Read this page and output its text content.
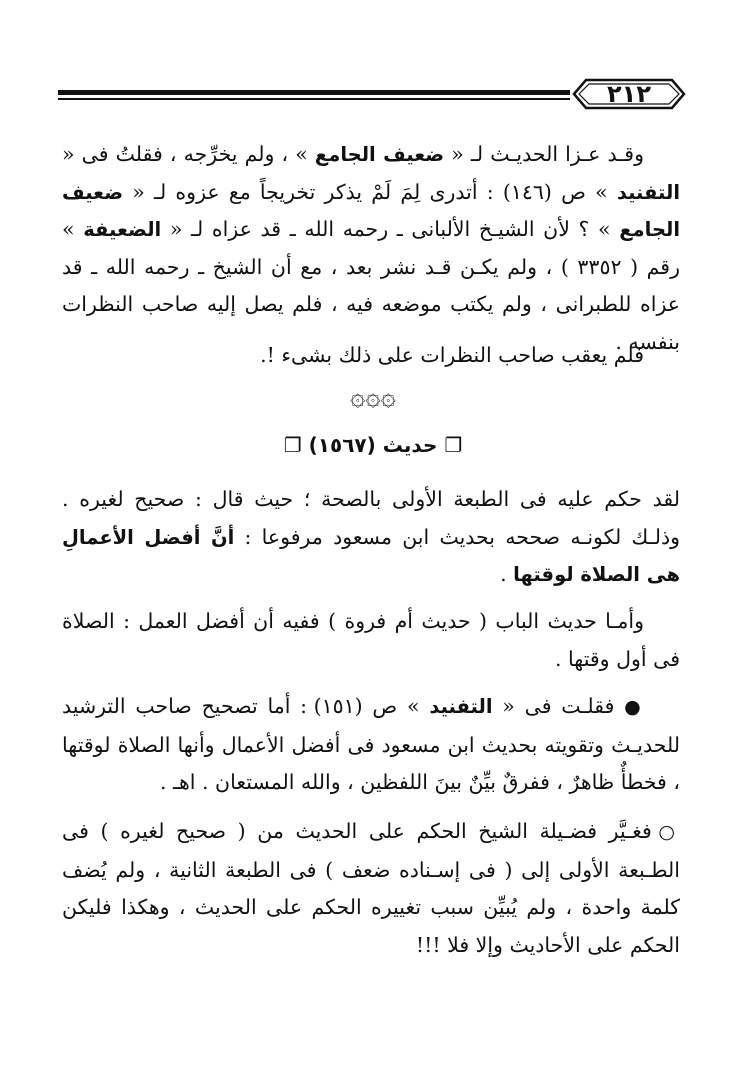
٢١٢

وقـد عـزا الحديـث لـ « ضعيف الجامع » ، ولم يخرِّجه ، فقلتُ فى « التفنيد » ص (١٤٦) : أتدرى لِمَ لَمْ يذكر تخريجاً مع عزوه لـ « ضعيف الجامع » ؟ لأن الشيـخ الألبانى ـ رحمه الله ـ قد عزاه لـ « الضعيفة » رقم ( ٣٣٥٢ ) ، ولم يكـن قـد نشر بعد ، مع أن الشيخ ـ رحمه الله ـ قد عزاه للطبرانى ، ولم يكتب موضعه فيه ، فلم يصل إليه صاحب النظرات بنفسه .

فلم يعقب صاحب النظرات على ذلك بشىء !.

۞۞۞
❐ حديث (١٥٦٧) ❐

لقد حكم عليه فى الطبعة الأولى بالصحة ؛ حيث قال : صحيح لغيره . وذلـك لكونـه صححه بحديث ابن مسعود مرفوعا : أنَّ أفضل الأعمالِ هى الصلاة لوقتها .

وأمـا حديث الباب ( حديث أم فروة ) ففيه أن أفضل العمل : الصلاة فى أول وقتها .

● فقلـت فى « التفنيد » ص (١٥١) : أما تصحيح صاحب الترشيد للحديـث وتقويته بحديث ابن مسعود فى أفضل الأعمال وأنها الصلاة لوقتها ، فخطأٌ ظاهرٌ ، ففرقٌ بيِّنٌ بينَ اللفظين ، والله المستعان . اهـ .

○ فغـيَّر فضـيلة الشيخ الحكم على الحديث من ( صحيح لغيره ) فى الطـبعة الأولى إلى ( فى إسـناده ضعف ) فى الطبعة الثانية ، ولم يُضف كلمة واحدة ، ولم يُبيِّن سبب تغييره الحكم على الحديث ، وهكذا فليكن الحكم على الأحاديث وإلا فلا !!!
